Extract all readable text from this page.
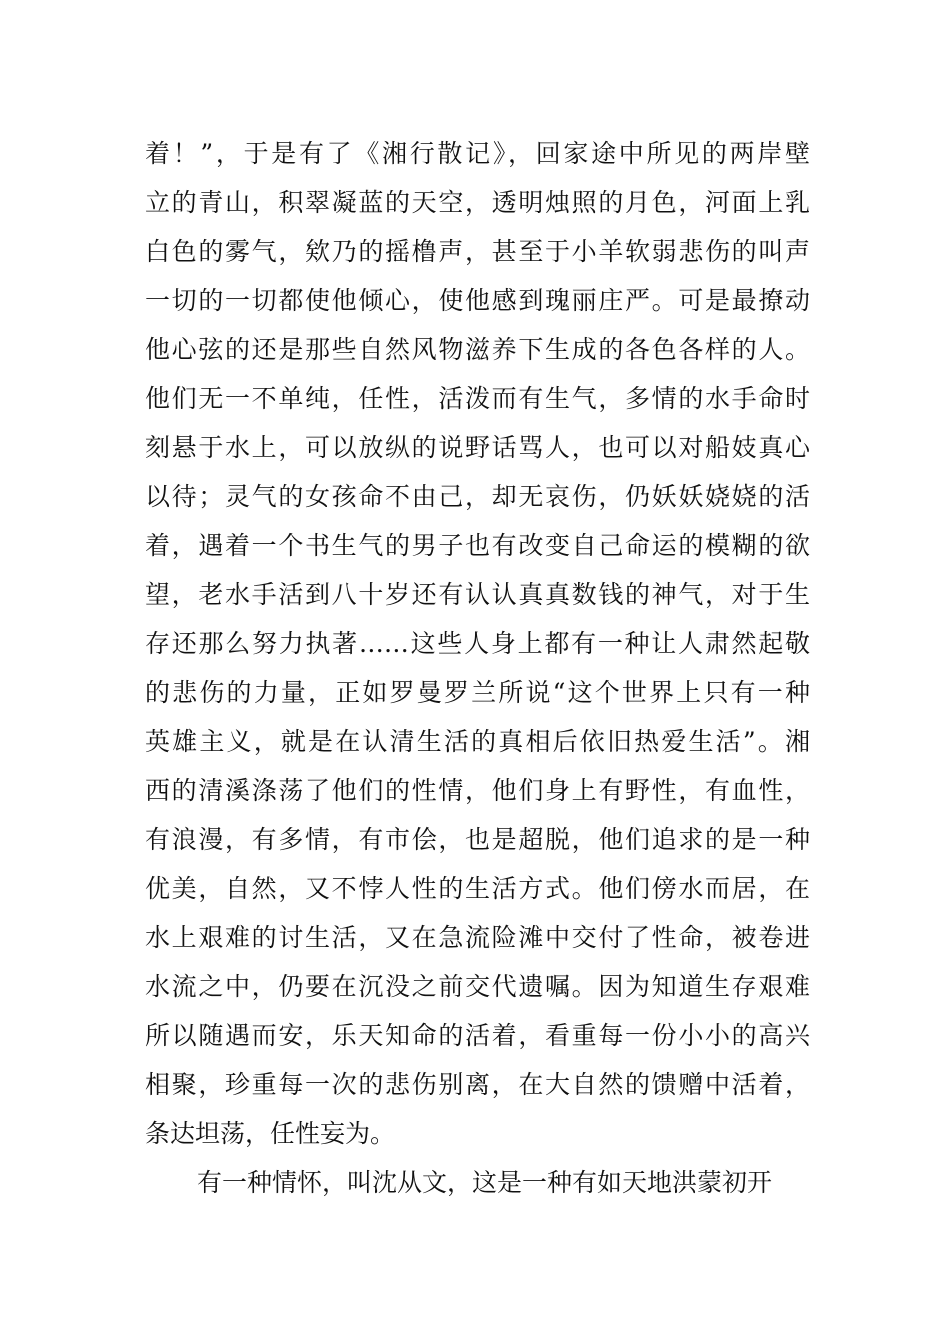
着！”，于是有了《湘行散记》，回家途中所见的两岸壁
立的青山，积翠凝蓝的天空，透明烛照的月色，河面上乳
白色的雾气，欸乃的摇橹声，甚至于小羊软弱悲伤的叫声
一切的一切都使他倾心，使他感到瑰丽庄严。可是最撩动
他心弦的还是那些自然风物滋养下生成的各色各样的人。
他们无一不单纯，任性，活泼而有生气，多情的水手命时
刻悬于水上，可以放纵的说野话骂人，也可以对船妓真心
以待；灵气的女孩命不由己，却无哀伤，仍妖妖娆娆的活
着，遇着一个书生气的男子也有改变自己命运的模糊的欲
望，老水手活到八十岁还有认认真真数钱的神气，对于生
存还那么努力执著……这些人身上都有一种让人肃然起敬
的悲伤的力量，正如罗曼罗兰所说“这个世界上只有一种
英雄主义，就是在认清生活的真相后依旧热爱生活”。湘
西的清溪涤荡了他们的性情，他们身上有野性，有血性，
有浪漫，有多情，有市侩，也是超脱，他们追求的是一种
优美，自然，又不悖人性的生活方式。他们傍水而居，在
水上艰难的讨生活，又在急流险滩中交付了性命，被卷进
水流之中，仍要在沉没之前交代遗嘱。因为知道生存艰难
所以随遇而安，乐天知命的活着，看重每一份小小的高兴
相聚，珍重每一次的悲伤别离，在大自然的馈赠中活着，
条达坦荡，任性妄为。
有一种情怀，叫沈从文，这是一种有如天地洪蒙初开
